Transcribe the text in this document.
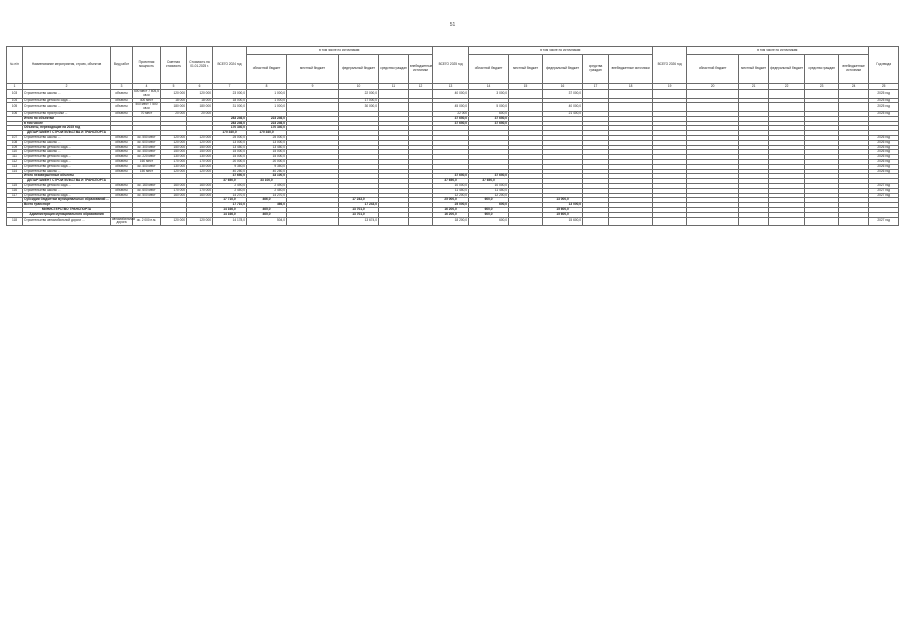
51
№ п/п	Наименование мероприятия, строек, объектов	Вид работ	Проектная мощность	Сметная стоимость	Стоимость на 01.01.2025 г.	ВСЕГО 2024 год	в том числе по источникам:					ВСЕГО 2025 год	в том числе по источникам:					ВСЕГО 2026 год	в том числе по источникам:					Год ввода
							областной бюджет	местный бюджет	федеральный бюджет	средства граждан	внебюджетные источники		областной бюджет	местный бюджет	федеральный бюджет	средства граждан	внебюджетные источники		областной бюджет	местный бюджет	федеральный бюджет	средства граждан	внебюджетные источники	
1	2	3	4	5	6	7	8	9	10	11	12	13	14	15	16	17	18	19	20	21	22	23	24	25
103	Строительство школы ...	объекты	600 мест 7 605,5 кв.м	120 000	120 000	23 000,0	1 000,0		22 000,0			40 000,0	3 000,0		37 000,0									2025 год
104	Строительство детского сада ...	объекты	400 мест	18 000	18 000	18 000,0	1 000,0		17 000,0															2025 год
105	Строительство школы ...	объекты	500 мест 7 500 кв.м	180 000	180 000	31 000,0	1 000,0		30 000,0			45 000,0	5 000,0		40 000,0									2025 год
106	Строительство пристройки ...	объекты	70 мест	20 000	20 000							22 000	600,0		21 400,0									2025 год
	Итого по объектам					283 246,0	223 246,0					37 650,0	37 650,0											
	в том числе					283 246,0	223 246,0					37 650,0	37 650,0											
	Объекты, переходящие на 2025 год					170 340,0	170 340,0																	
	ДЕПАРТАМЕНТ СТРОИТЕЛЬСТВА И ТРАНСПОРТА					170 340,0	170 340,0																	
107	Строительство школы ...	объекты	ок. 550 мест	120 000	120 000	25 000,0	25 000,0																	2026 год
108	Строительство школы ...	объекты	ок. 600 мест	120 000	120 000	13 000,0	13 000,0																	2026 год
109	Строительство детского сада ...	объекты	ок. 300 мест	150 000	150 000	13 450,0	13 450,0																	2026 год
110	Строительство школы ...	объекты	ок. 450 мест	150 000	150 000	15 000,0	15 000,0																	2026 год
111	Строительство детского сада ...	объекты	ок. 220 мест	130 000	130 000	15 000,0	15 000,0																	2026 год
112	Строительство детского сада ...	объекты	160 мест	170 000	170 000	20 000,0	20 000,0																	2026 год
113	Строительство детского сада ...	объекты	ок. 400 мест	130 000	130 000	9 350,0	9 350,0																	2026 год
114	Строительство школы ...	объекты	150 мест	120 000	120 000	40 250,0	40 250,0																	2026 год
	Итого незавершённые объекты					37 650,0	33 100,0					37 650,0	37 650,0											
	ДЕПАРТАМЕНТ СТРОИТЕЛЬСТВА И ТРАНСПОРТА					37 650,0	33 100,0					37 650,0	37 650,0											
115	Строительство детского сада ...	объекты	ок. 160 мест	160 000	160 000	2 490,0	2 490,0					10 000,0	10 000,0											2027 год
116	Строительство школы ...	объекты	ок. 600 мест	170 000	170 000	2 450,0	2 450,0					11 450,0	11 450,0											2027 год
117	Строительство детского сада ...	объекты	ок. 500 мест	160 000	160 000	14 270,0	14 270,0					12 200,0	12 200,0											2027 год
	Субсидии бюджетам муниципальных образований ...					17 710,0	466,0		17 243,0			25 000,0	600,0		13 000,0									
	Всего транспорт					17 710,0	466,0		17 243,0			25 000,0	600,0		13 000,0									
	МИНИСТЕРСТВО ТРАНСПОРТА					14 166,0	465,0		13 701,0			16 200,0	600,0		15 600,0									
	Администрация муниципального образования					14 166,0	465,0		13 701,0			16 200,0	600,0		15 600,0									
118	Строительство автомобильной дороги ...	автомобильная дорога	ок. 2 000 п.м.	120 000	120 000	14 178,0	504,0		13 674,0			18 200,0	600,0		15 600,0									2027 год
